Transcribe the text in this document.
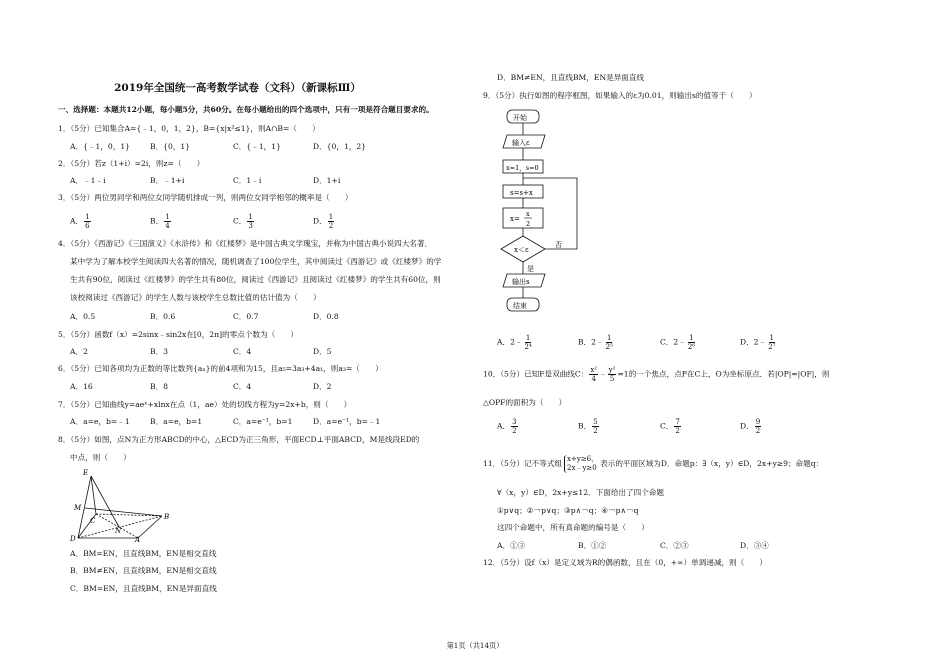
2019年全国统一高考数学试卷（文科）（新课标Ⅲ）
一、选择题：本题共12小题，每小题5分，共60分。在每小题给出的四个选项中，只有一项是符合题目要求的。
1．（5分）已知集合A={﹣1，0，1，2}，B={x|x²≤1}，则A∩B=（　　）
A．{﹣1，0，1}	B．{0，1}	C．{﹣1，1}	D．{0，1，2}
2．（5分）若z（1+i）=2i，则z=（　　）
A．﹣1﹣i	B．﹣1+i	C．1﹣i	D．1+i
3．（5分）两位男同学和两位女同学随机排成一列，则两位女同学相邻的概率是（　　）
A． $\frac{1}{6}$	B． $\frac{1}{4}$	C． $\frac{1}{3}$	D． $\frac{1}{2}$
4．（5分）《西游记》《三国演义》《水浒传》和《红楼梦》是中国古典文学瑰宝，并称为中国古典小说四大名著．
某中学为了解本校学生阅读四大名著的情况，随机调查了100位学生，其中阅读过《西游记》或《红楼梦》的学
生共有90位，阅读过《红楼梦》的学生共有80位，阅读过《西游记》且阅读过《红楼梦》的学生共有60位，则
该校阅读过《西游记》的学生人数与该校学生总数比值的估计值为（　　）
A．0.5	B．0.6	C．0.7	D．0.8
5．（5分）函数f（x）=2sinx﹣sin2x在[0，2π]的零点个数为（　　）
A．2	B．3	C．4	D．5
6．（5分）已知各项均为正数的等比数列{aₙ}的前4项和为15，且a₅=3a₃+4a₁，则a₃=（　　）
A．16	B．8	C．4	D．2
7．（5分）已知曲线y=aeˣ+xlnx在点（1，ae）处的切线方程为y=2x+b，则（　　）
A．a=e，b=﹣1	B．a=e，b=1	C．a=e⁻¹，b=1	D．a=e⁻¹，b=﹣1
8．（5分）如图，点N为正方形ABCD的中心，△ECD为正三角形，平面ECD⊥平面ABCD，M是线段ED的
中点，则（　　）
E
M
C
D
N
A
B
A．BM=EN，且直线BM，EN是相交直线
B．BM≠EN，且直线BM，EN是相交直线
C．BM=EN，且直线BM，EN是异面直线
D．BM≠EN，且直线BM，EN是异面直线
9．（5分）执行如图的程序框图，如果输入的ε为0.01，则输出s的值等于（　　）
开始
输入ε
x=1，s=0
s=s+x
x=
x
2
x＜ε
否
是
输出s
结束
A．2﹣ $\frac{1}{\text{2⁴}}$	B．2﹣ $\frac{1}{\text{2⁵}}$	C．2﹣ $\frac{1}{\text{2⁶}}$	D．2﹣ $\frac{1}{\text{2⁷}}$
10．（5分）已知F是双曲线C： $\frac{\text{x²}}{4}$ ﹣ $\frac{\text{y²}}{5} =1$的一个焦点，点P在C上，O为坐标原点．若|OP|=|OF|，则
△OPF的面积为（　　）
A． $\frac{3}{2}$	B． $\frac{5}{2}$	C． $\frac{7}{2}$	D． $\frac{9}{2}$
11．（5分）记不等式组 x+y≥6，
2x﹣y≥0 表示的平面区域为D．命题p：∃（x，y）∈D，2x+y≥9；命题q：
∀（x，y）∈D，2x+y≤12．下面给出了四个命题
①p∨q；②￢p∨q；③p∧￢q；④￢p∧￢q
这四个命题中，所有真命题的编号是（　　）
A．①③	B．①②	C．②③	D．③④
12．（5分）设f（x）是定义域为R的偶函数，且在（0，+∞）单调递减，则（　　）
第1页（共14页）
